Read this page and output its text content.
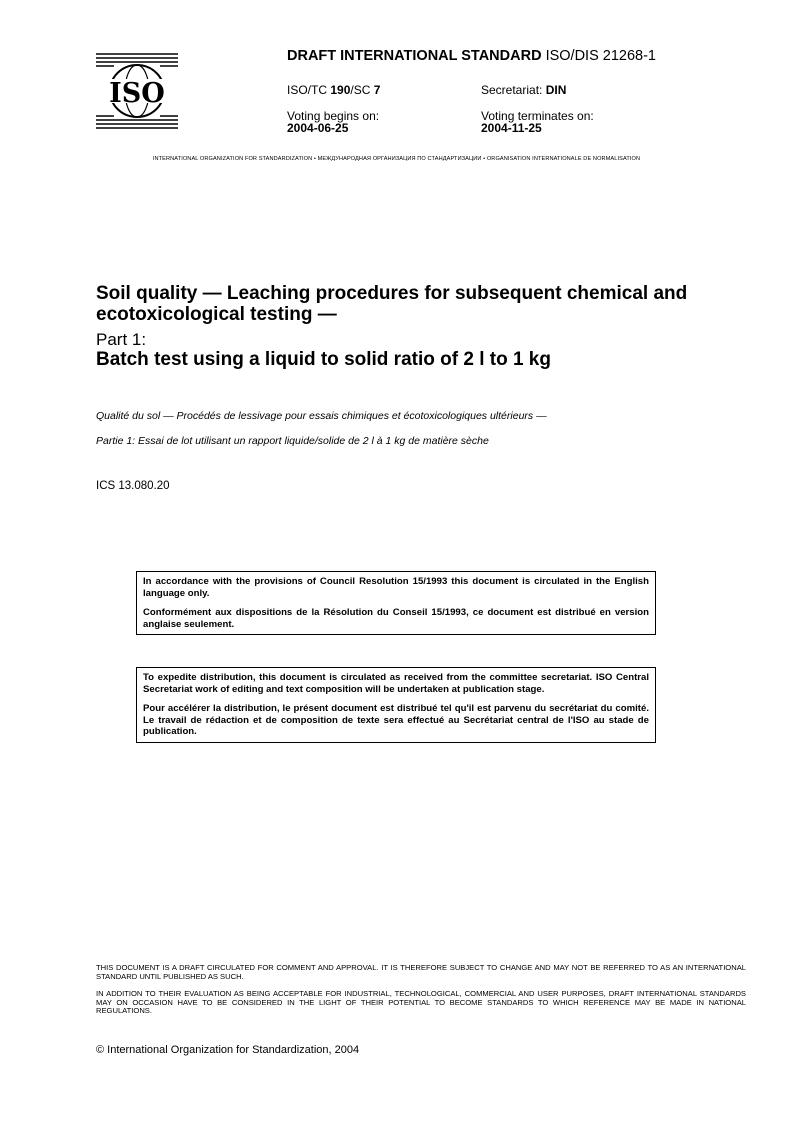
ISO
DRAFT INTERNATIONAL STANDARD ISO/DIS 21268-1
ISO/TC 190/SC 7	Secretariat: DIN
Voting begins on:
2004-06-25
Voting terminates on:
2004-11-25
INTERNATIONAL ORGANIZATION FOR STANDARDIZATION • МЕЖДУНАРОДНАЯ ОРГАНИЗАЦИЯ ПО СТАНДАРТИЗАЦИИ • ORGANISATION INTERNATIONALE DE NORMALISATION
Soil quality — Leaching procedures for subsequent chemical and ecotoxicological testing —
Part 1:
Batch test using a liquid to solid ratio of 2 l to 1 kg
Qualité du sol — Procédés de lessivage pour essais chimiques et écotoxicologiques ultérieurs —
Partie 1: Essai de lot utilisant un rapport liquide/solide de 2 l à 1 kg de matière sèche
ICS 13.080.20

In accordance with the provisions of Council Resolution 15/1993 this document is circulated in the English language only.

Conformément aux dispositions de la Résolution du Conseil 15/1993, ce document est distribué en version anglaise seulement.

To expedite distribution, this document is circulated as received from the committee secretariat. ISO Central Secretariat work of editing and text composition will be undertaken at publication stage.

Pour accélérer la distribution, le présent document est distribué tel qu'il est parvenu du secrétariat du comité. Le travail de rédaction et de composition de texte sera effectué au Secrétariat central de l'ISO au stade de publication.

THIS DOCUMENT IS A DRAFT CIRCULATED FOR COMMENT AND APPROVAL. IT IS THEREFORE SUBJECT TO CHANGE AND MAY NOT BE REFERRED TO AS AN INTERNATIONAL STANDARD UNTIL PUBLISHED AS SUCH.
IN ADDITION TO THEIR EVALUATION AS BEING ACCEPTABLE FOR INDUSTRIAL, TECHNOLOGICAL, COMMERCIAL AND USER PURPOSES, DRAFT INTERNATIONAL STANDARDS MAY ON OCCASION HAVE TO BE CONSIDERED IN THE LIGHT OF THEIR POTENTIAL TO BECOME STANDARDS TO WHICH REFERENCE MAY BE MADE IN NATIONAL REGULATIONS.
© International Organization for Standardization, 2004
